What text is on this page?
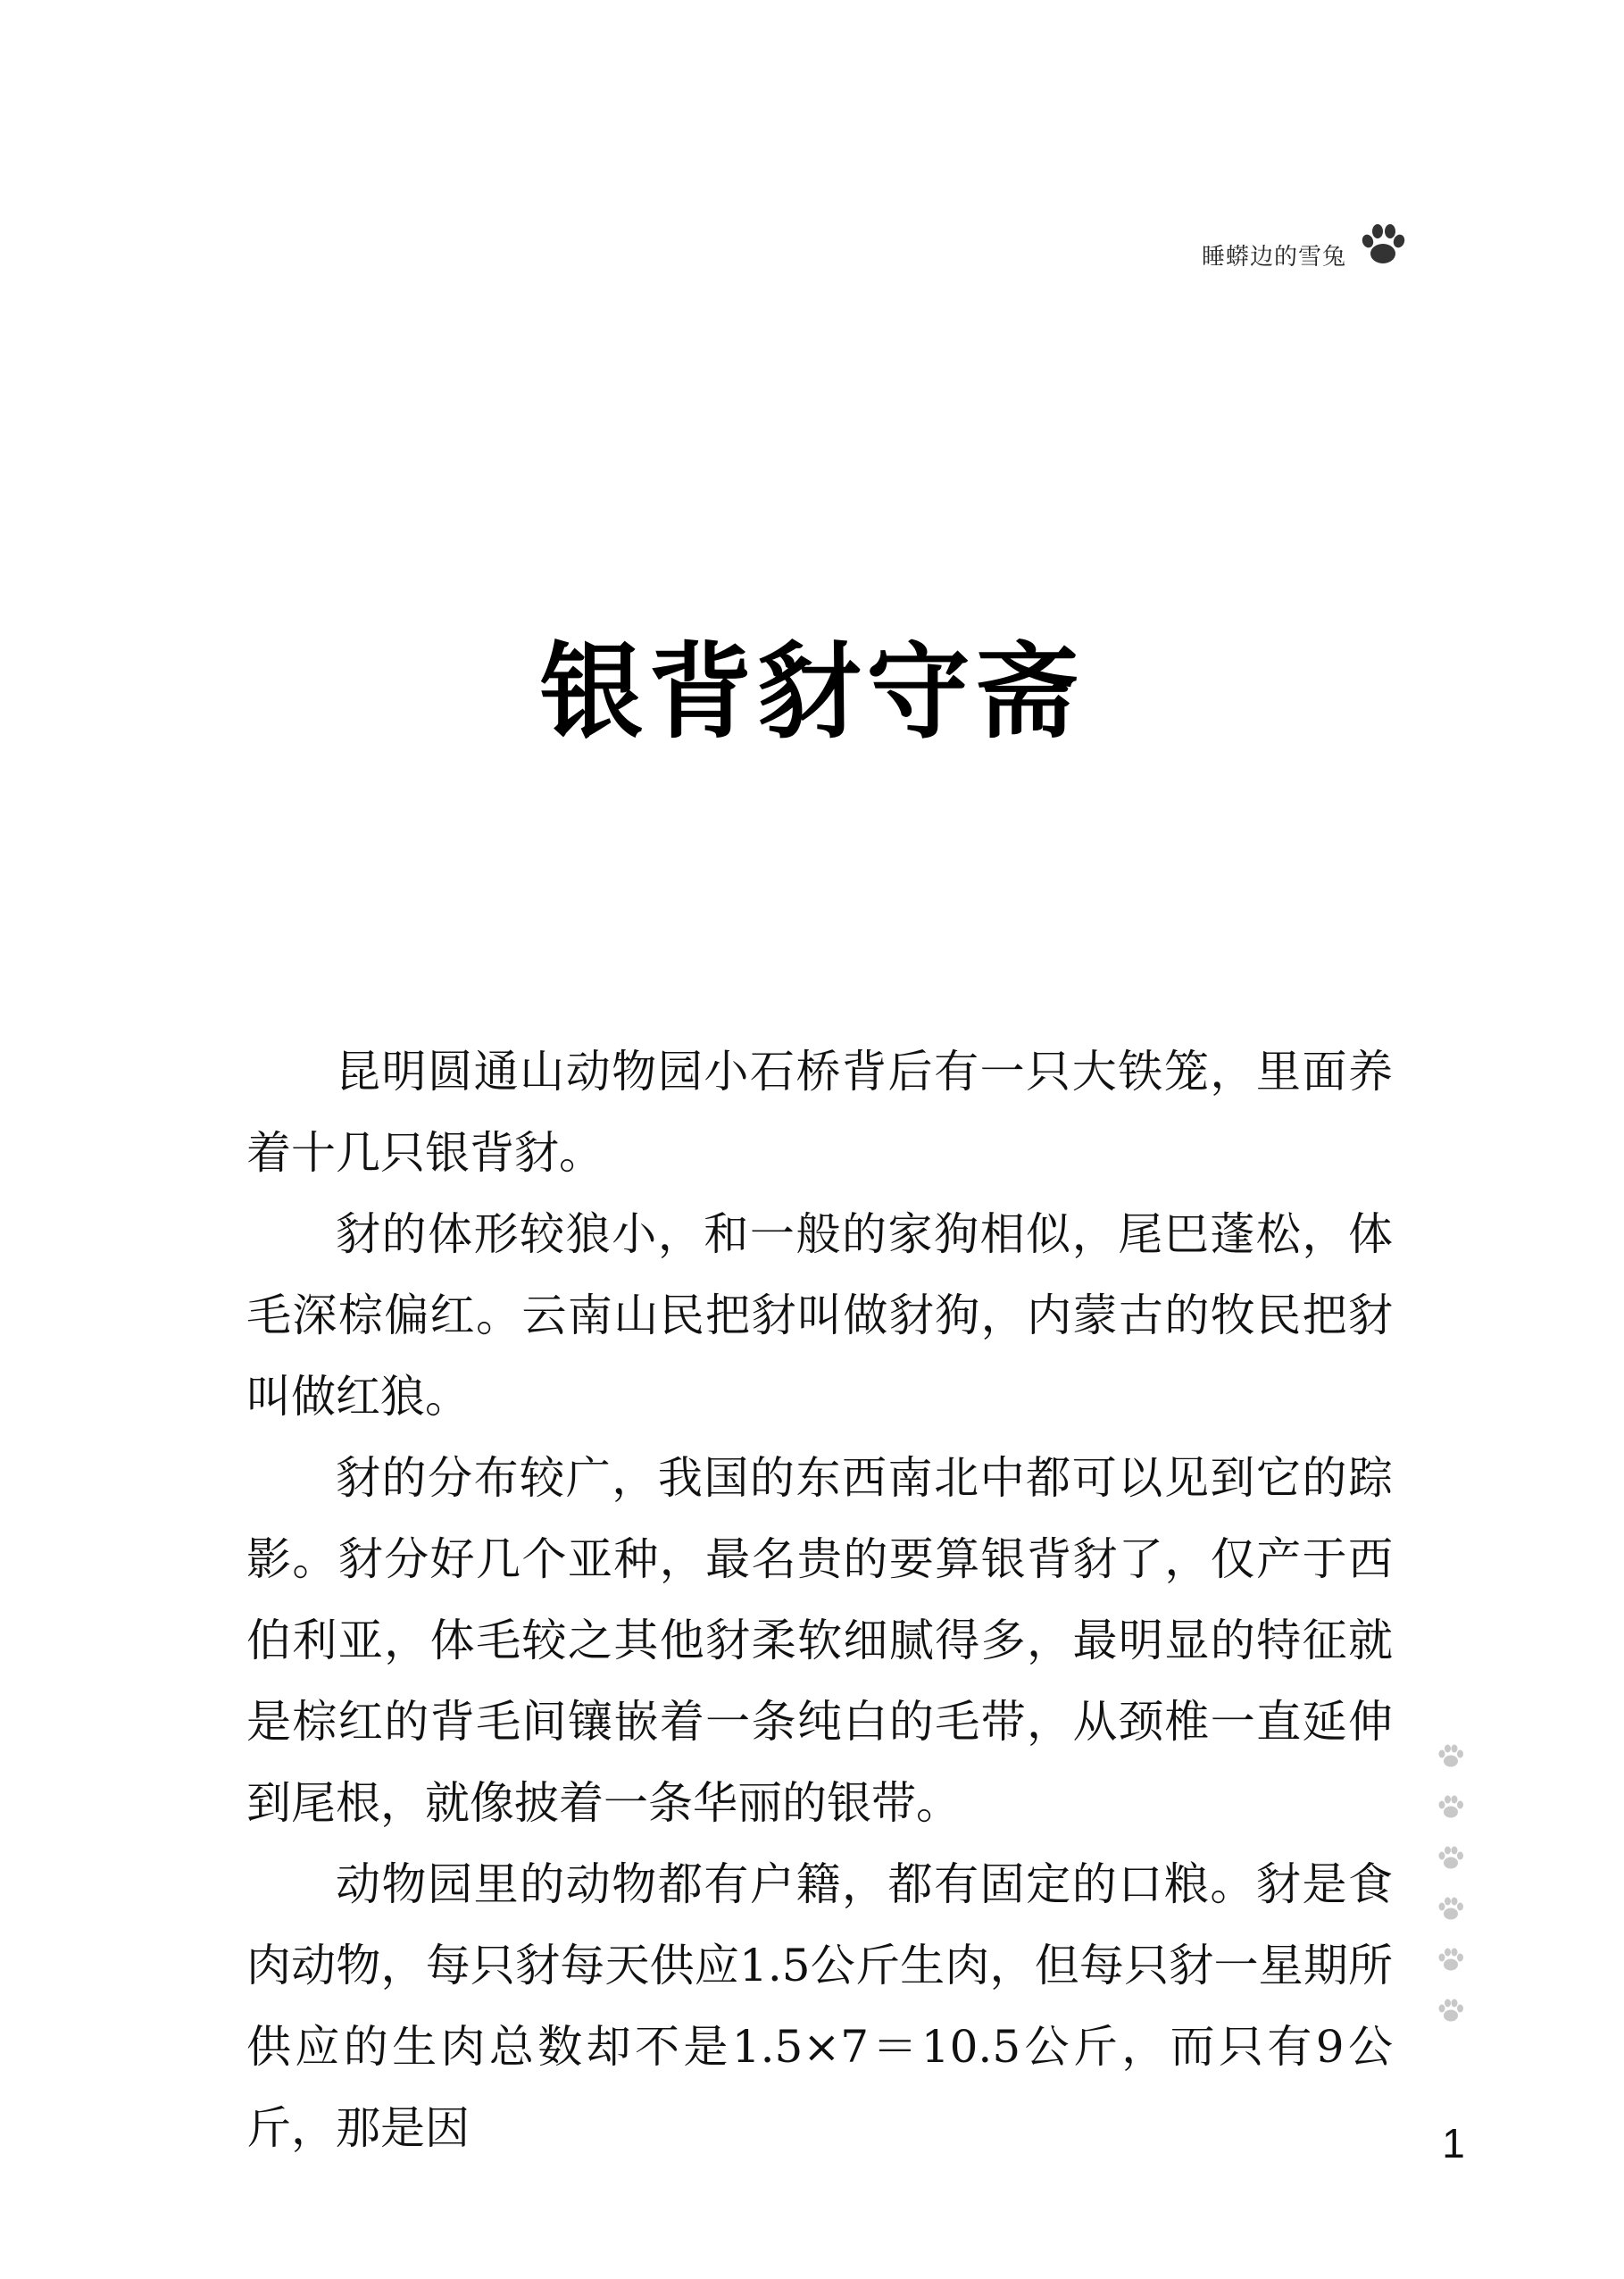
睡蟒边的雪兔
银背豺守斋

昆明圆通山动物园小石桥背后有一只大铁笼，里面养着十几只银背豺。

豺的体形较狼小，和一般的家狗相似，尾巴蓬松，体毛深棕偏红。云南山民把豺叫做豺狗，内蒙古的牧民把豺叫做红狼。

豺的分布较广，我国的东西南北中都可以见到它的踪影。豺分好几个亚种，最名贵的要算银背豺了，仅产于西伯利亚，体毛较之其他豺柔软细腻得多，最明显的特征就是棕红的背毛间镶嵌着一条纯白的毛带，从颈椎一直延伸到尾根，就像披着一条华丽的银带。

动物园里的动物都有户籍，都有固定的口粮。豺是食肉动物，每只豺每天供应1.5公斤生肉，但每只豺一星期所供应的生肉总数却不是1.5×7＝10.5公斤，而只有9公斤，那是因	1
